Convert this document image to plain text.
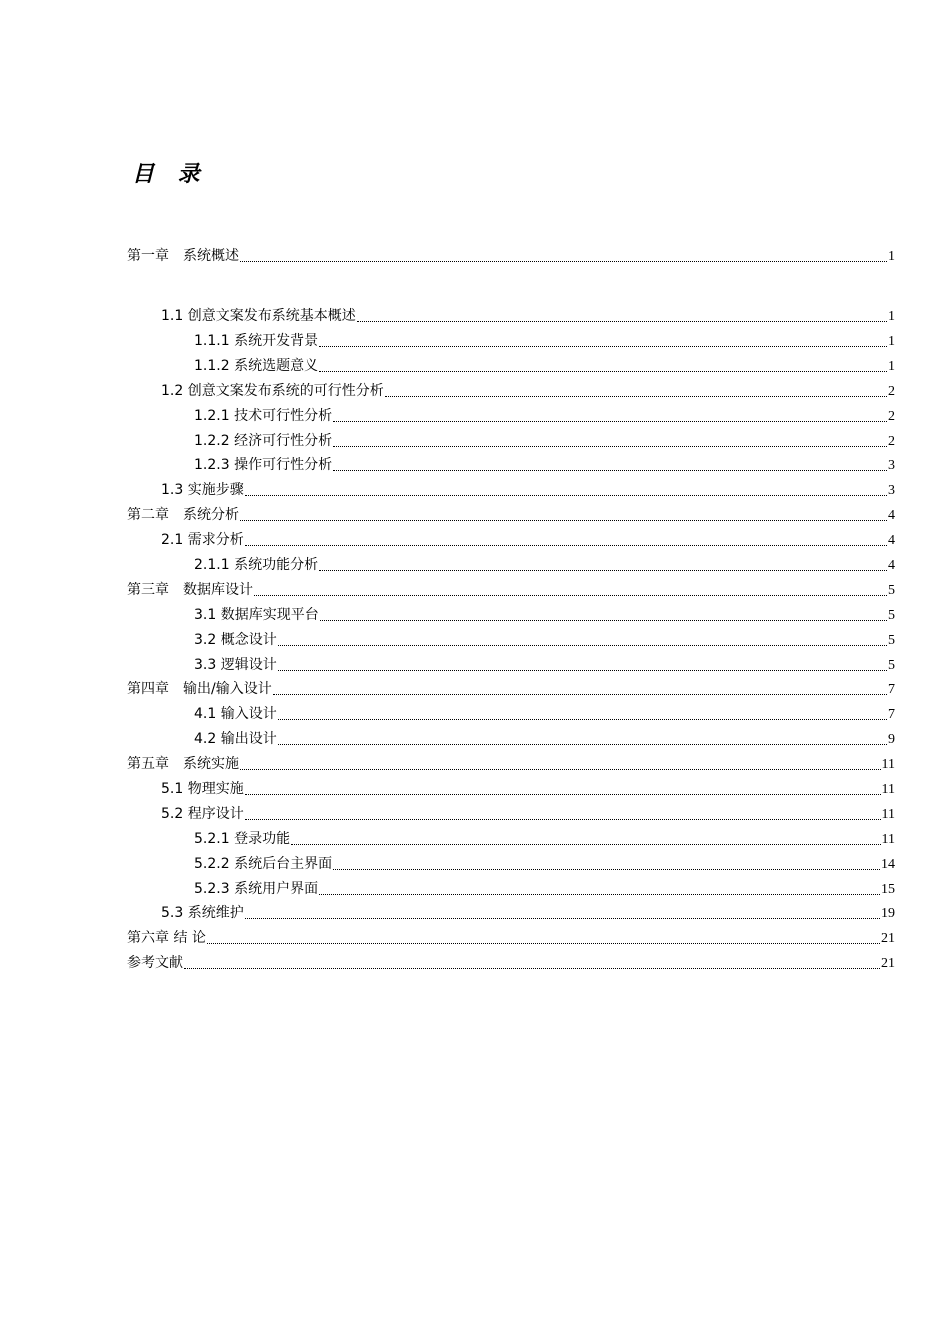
目 录
第一章　系统概述	1
1.1 创意文案发布系统基本概述	1
1.1.1 系统开发背景	1
1.1.2 系统选题意义	1
1.2 创意文案发布系统的可行性分析	2
1.2.1 技术可行性分析	2
1.2.2 经济可行性分析	2
1.2.3 操作可行性分析	3
1.3 实施步骤	3
第二章　系统分析	4
2.1 需求分析	4
2.1.1 系统功能分析	4
第三章　数据库设计	5
3.1 数据库实现平台	5
3.2 概念设计	5
3.3 逻辑设计	5
第四章　输出/输入设计	7
4.1 输入设计	7
4.2 输出设计	9
第五章　系统实施	11
5.1 物理实施	11
5.2 程序设计	11
5.2.1 登录功能	11
5.2.2 系统后台主界面	14
5.2.3 系统用户界面	15
5.3 系统维护	19
第六章 结 论	21
参考文献	21
